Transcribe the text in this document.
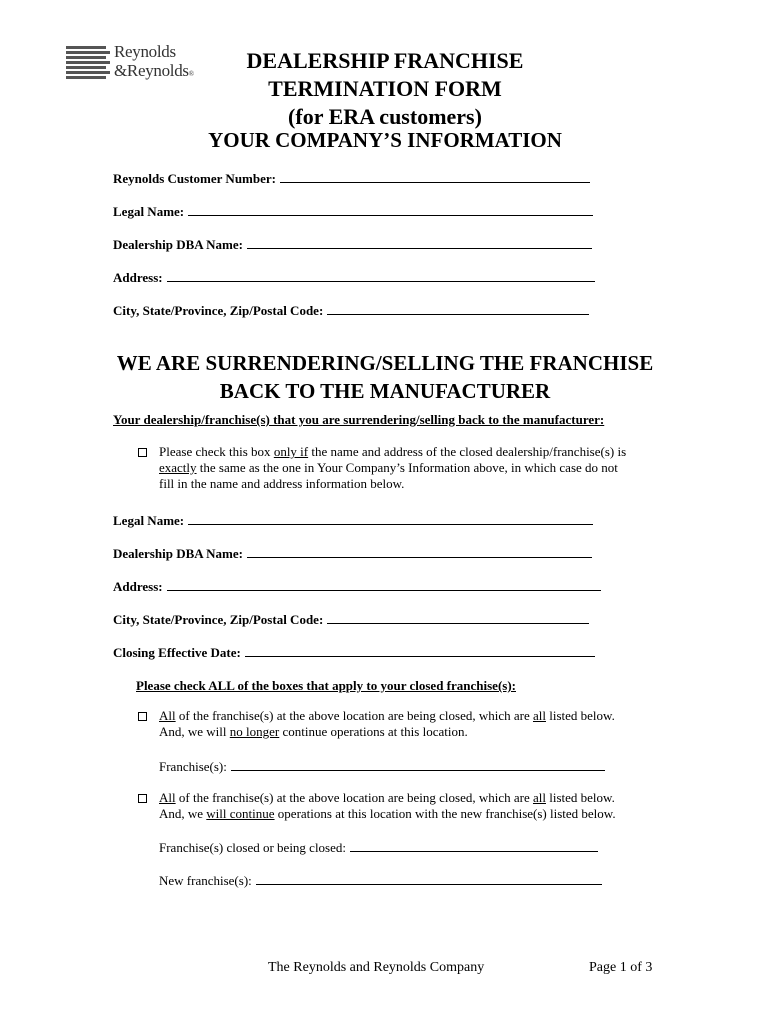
Reynolds
&Reynolds®
DEALERSHIP FRANCHISE
TERMINATION FORM
(for ERA customers)
YOUR COMPANY’S INFORMATION
Reynolds Customer Number:
Legal Name:
Dealership DBA Name:
Address:
City, State/Province, Zip/Postal Code:
WE ARE SURRENDERING/SELLING THE FRANCHISE
BACK TO THE MANUFACTURER
Your dealership/franchise(s) that you are surrendering/selling back to the manufacturer:
Please check this box only if the name and address of the closed dealership/franchise(s) is
exactly the same as the one in Your Company’s Information above, in which case do not
fill in the name and address information below.
Legal Name:
Dealership DBA Name:
Address:
City, State/Province, Zip/Postal Code:
Closing Effective Date:
Please check ALL of the boxes that apply to your closed franchise(s):
All of the franchise(s) at the above location are being closed, which are all listed below.
And, we will no longer continue operations at this location.
Franchise(s):
All of the franchise(s) at the above location are being closed, which are all listed below.
And, we will continue operations at this location with the new franchise(s) listed below.
Franchise(s) closed or being closed:
New franchise(s):
The Reynolds and Reynolds Company	Page 1 of 3
